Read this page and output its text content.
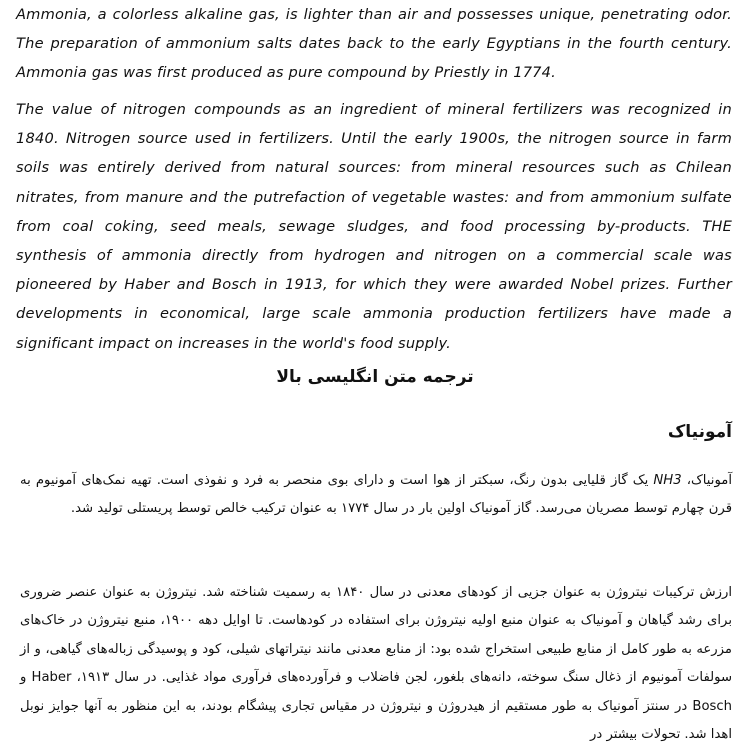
Ammonia, a colorless alkaline gas, is lighter than air and possesses unique, penetrating odor. The preparation of ammonium salts dates back to the early Egyptians in the fourth century. Ammonia gas was first produced as pure compound by Priestly in 1774.

The value of nitrogen compounds as an ingredient of mineral fertilizers was recognized in 1840. Nitrogen source used in fertilizers. Until the early 1900s, the nitrogen source in farm soils was entirely derived from natural sources: from mineral resources such as Chilean nitrates, from manure and the putrefaction of vegetable wastes: and from ammonium sulfate from coal coking, seed meals, sewage sludges, and food processing by-products. THE synthesis of ammonia directly from hydrogen and nitrogen on a commercial scale was pioneered by Haber and Bosch in 1913, for which they were awarded Nobel prizes. Further developments in economical, large scale ammonia production fertilizers have made a significant impact on increases in the world's food supply.

ترجمه متن انگلیسی بالا
آمونیاک

آمونیاک، NH3 یک گاز قلیایی بدون رنگ، سبکتر از هوا است و دارای بوی منحصر به فرد و نفوذی است. تهیه نمک‌های آمونیوم به قرن چهارم توسط مصریان می‌رسد. گاز آمونیاک اولین بار در سال ۱۷۷۴ به عنوان ترکیب خالص توسط پریستلی تولید شد.

ارزش ترکیبات نیتروژن به عنوان جزیی از کودهای معدنی در سال ۱۸۴۰ به رسمیت شناخته شد. نیتروژن به عنوان عنصر ضروری برای رشد گیاهان و آمونیاک به عنوان منبع اولیه نیتروژن برای استفاده در کودهاست. تا اوایل دهه ۱۹۰۰، منبع نیتروژن در خاک‌های مزرعه به طور کامل از منابع طبیعی استخراج شده بود: از منابع معدنی مانند نیتراتهای شیلی، کود و پوسیدگی زباله‌های گیاهی، و از سولفات آمونیوم از ذغال سنگ سوخته، دانه‌های بلغور، لجن فاضلاب و فرآورده‌های فرآوری مواد غذایی. در سال ۱۹۱۳، Haber و Bosch در سنتز آمونیاک به طور مستقیم از هیدروژن و نیتروژن در مقیاس تجاری پیشگام بودند، به این منظور به آنها جوایز نوبل اهدا شد. تحولات بیشتر در
